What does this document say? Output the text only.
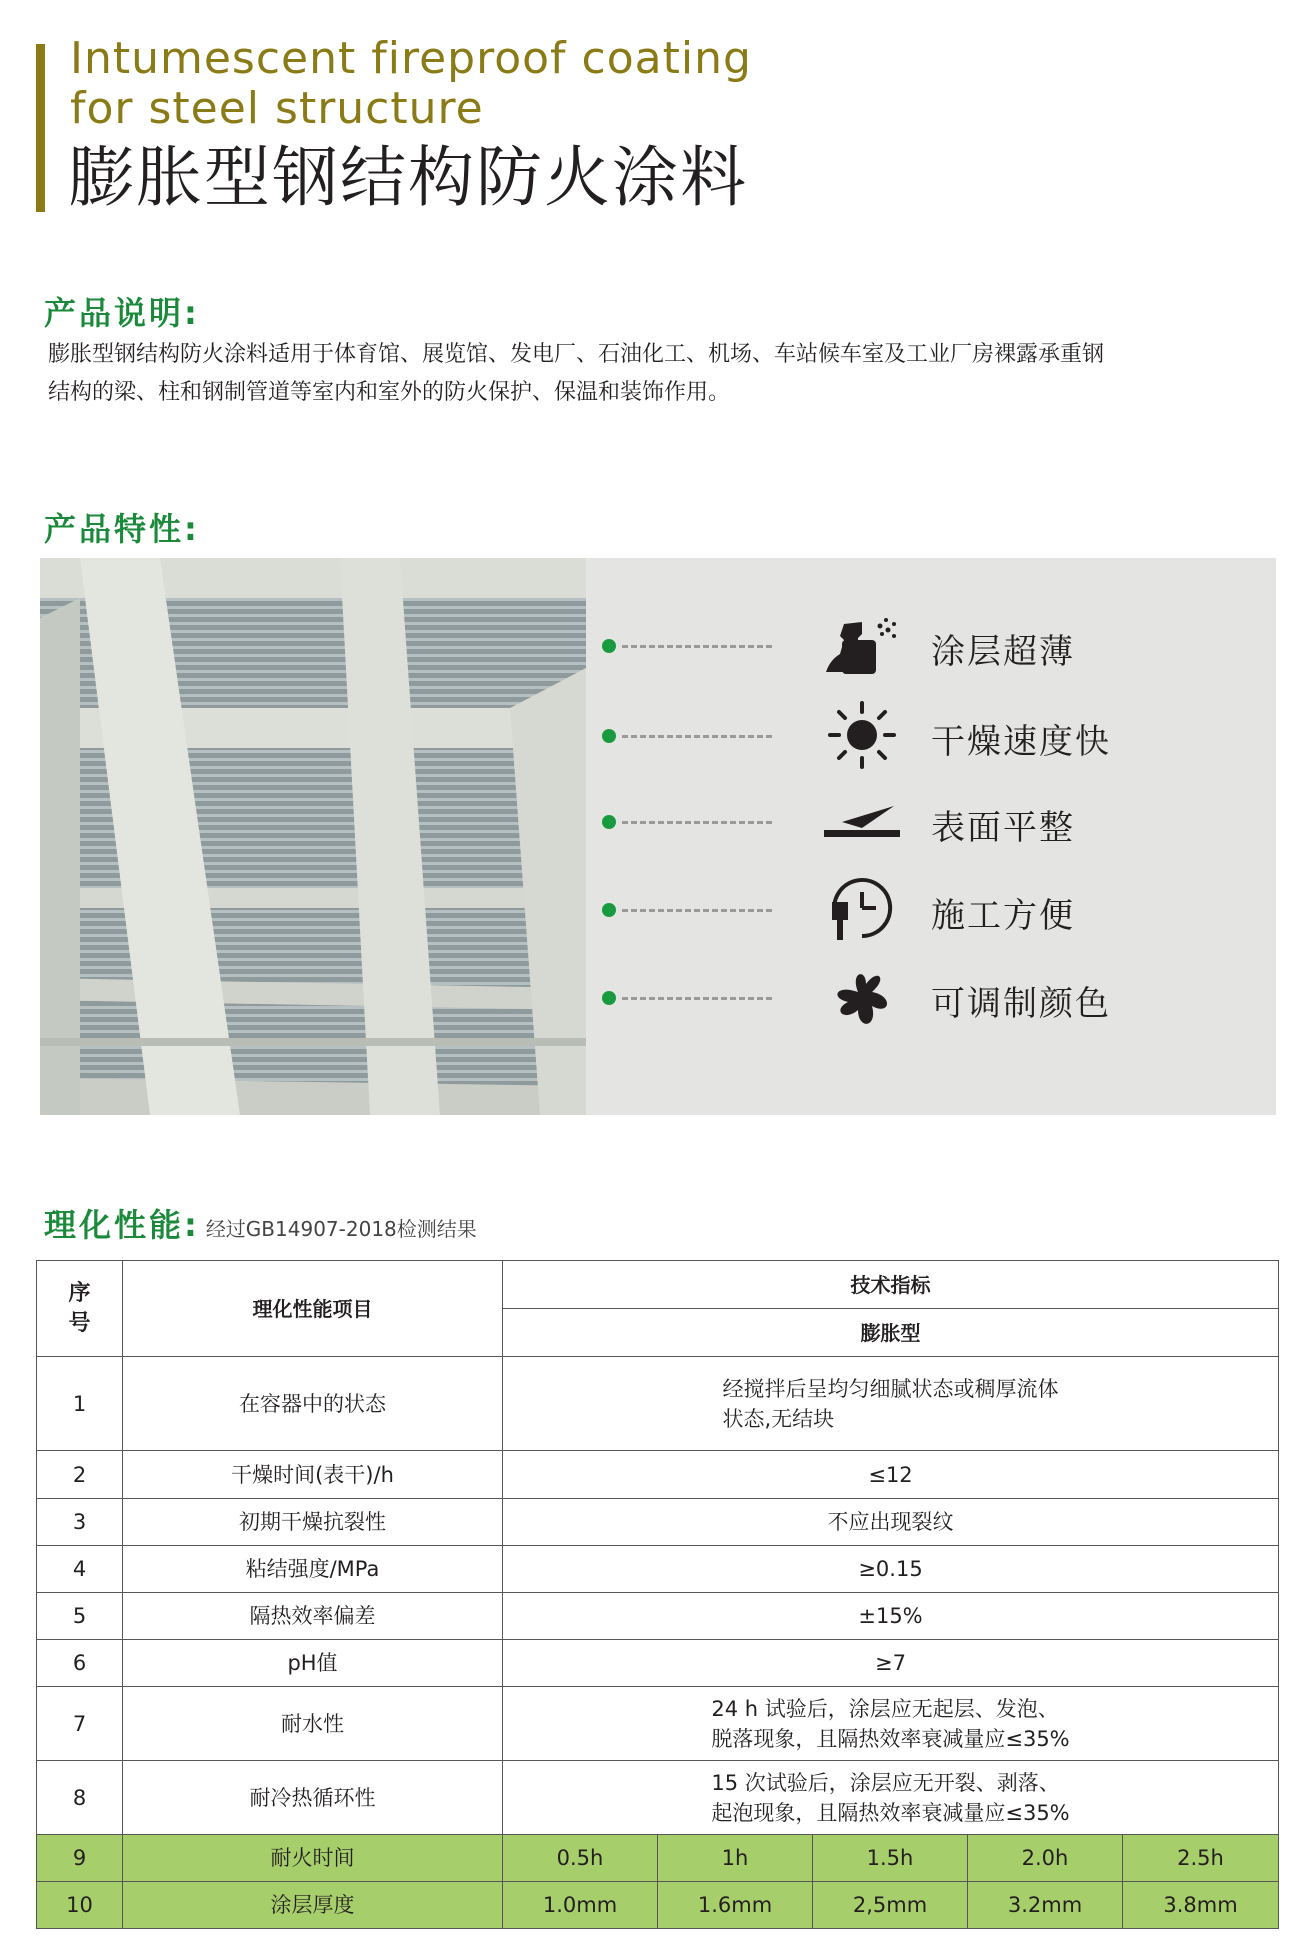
Intumescent fireproof coating
for steel structure
膨胀型钢结构防火涂料
产品说明:
膨胀型钢结构防火涂料适用于体育馆、展览馆、发电厂、石油化工、机场、车站候车室及工业厂房裸露承重钢
结构的梁、柱和钢制管道等室内和室外的防火保护、保温和装饰作用。
产品特性:
涂层超薄
干燥速度快
表面平整
施工方便
可调制颜色
理化性能: 经过GB14907-2018检测结果
序号	理化性能项目	技术指标				
		膨胀型				
1	在容器中的状态	经搅拌后呈均匀细腻状态或稠厚流体
状态,无结块				

2	干燥时间(表干)/h	≤12				
3	初期干燥抗裂性	不应出现裂纹				
4	粘结强度/MPa	≥0.15				
5	隔热效率偏差	±15%				
6	pH值	≥7				
7	耐水性	24 h 试验后，涂层应无起层、发泡、
脱落现象，且隔热效率衰减量应≤35%				

8	耐冷热循环性	15 次试验后，涂层应无开裂、剥落、
起泡现象，且隔热效率衰减量应≤35%				

9	耐火时间	0.5h	1h	1.5h	2.0h	2.5h
10	涂层厚度	1.0mm	1.6mm	2,5mm	3.2mm	3.8mm
